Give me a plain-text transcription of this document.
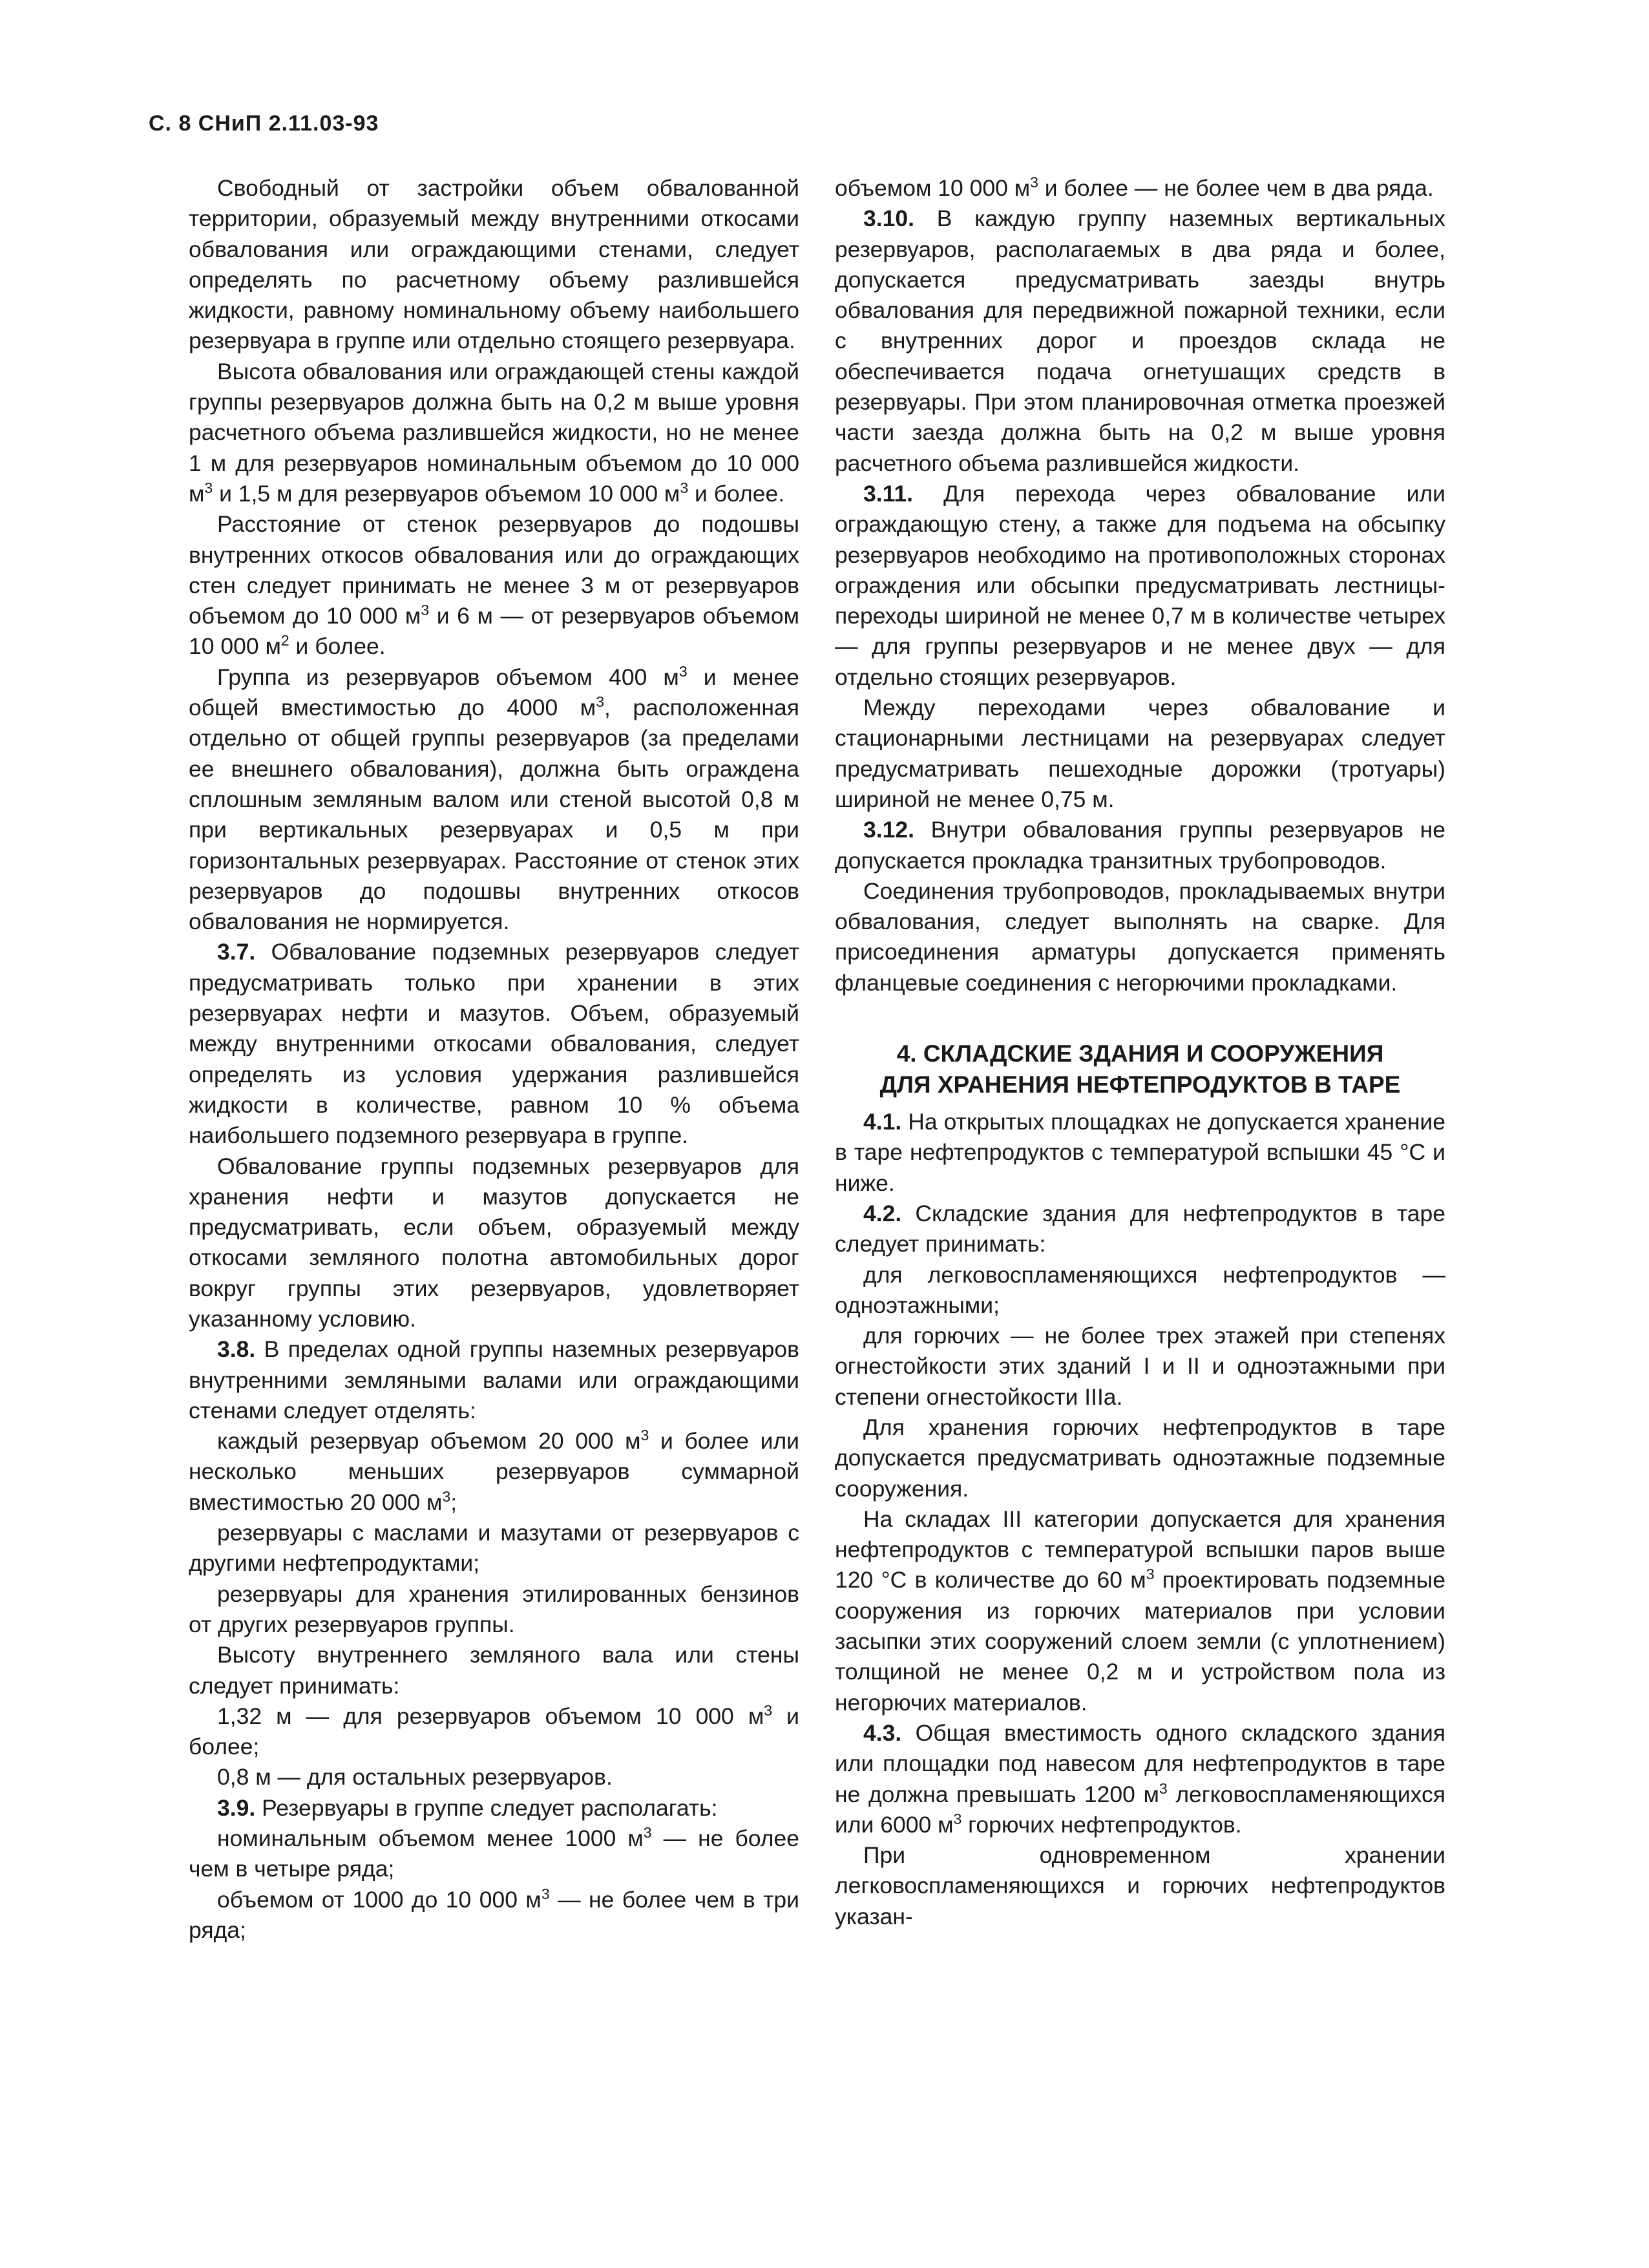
С. 8 СНиП 2.11.03-93

Свободный от застройки объем обвалованной территории, образуемый между внутренними откосами обвалования или ограждающими стенами, следует определять по расчетному объему разлившейся жидкости, равному номинальному объему наибольшего резервуара в группе или отдельно стоящего резервуара.

Высота обвалования или ограждающей стены каждой группы резервуаров должна быть на 0,2 м выше уровня расчетного объема разлившейся жидкости, но не менее 1 м для резервуаров номинальным объемом до 10 000 $м^3$ и 1,5 м для резервуаров объемом 10 000 $м^3$ и более.

Расстояние от стенок резервуаров до подошвы внутренних откосов обвалования или до ограждающих стен следует принимать не менее 3 м от резервуаров объемом до 10 000 $м^3$ и 6 м — от резервуаров объемом 10 000 $м^2$ и более.

Группа из резервуаров объемом 400 $м^3$ и менее общей вместимостью до 4000 $м^3$, расположенная отдельно от общей группы резервуаров (за пределами ее внешнего обвалования), должна быть ограждена сплошным земляным валом или стеной высотой 0,8 м при вертикальных резервуарах и 0,5 м при горизонтальных резервуарах. Расстояние от стенок этих резервуаров до подошвы внутренних откосов обвалования не нормируется.

3.7. Обвалование подземных резервуаров следует предусматривать только при хранении в этих резервуарах нефти и мазутов. Объем, образуемый между внутренними откосами обвалования, следует определять из условия удержания разлившейся жидкости в количестве, равном 10 % объема наибольшего подземного резервуара в группе.

Обвалование группы подземных резервуаров для хранения нефти и мазутов допускается не предусматривать, если объем, образуемый между откосами земляного полотна автомобильных дорог вокруг группы этих резервуаров, удовлетворяет указанному условию.

3.8. В пределах одной группы наземных резервуаров внутренними земляными валами или ограждающими стенами следует отделять:

каждый резервуар объемом 20 000 $м^3$ и более или несколько меньших резервуаров суммарной вместимостью 20 000 $м^3$;

резервуары с маслами и мазутами от резервуаров с другими нефтепродуктами;

резервуары для хранения этилированных бензинов от других резервуаров группы.

Высоту внутреннего земляного вала или стены следует принимать:

1,32 м — для резервуаров объемом 10 000 $м^3$ и более;

0,8 м — для остальных резервуаров.

3.9. Резервуары в группе следует располагать:

номинальным объемом менее 1000 $м^3$ — не более чем в четыре ряда;

объемом от 1000 до 10 000 $м^3$ — не более чем в три ряда;

объемом 10 000 $м^3$ и более — не более чем в два ряда.

3.10. В каждую группу наземных вертикальных резервуаров, располагаемых в два ряда и более, допускается предусматривать заезды внутрь обвалования для передвижной пожарной техники, если с внутренних дорог и проездов склада не обеспечивается подача огнетушащих средств в резервуары. При этом планировочная отметка проезжей части заезда должна быть на 0,2 м выше уровня расчетного объема разлившейся жидкости.

3.11. Для перехода через обвалование или ограждающую стену, а также для подъема на обсыпку резервуаров необходимо на противоположных сторонах ограждения или обсыпки предусматривать лестницы-переходы шириной не менее 0,7 м в количестве четырех — для группы резервуаров и не менее двух — для отдельно стоящих резервуаров.

Между переходами через обвалование и стационарными лестницами на резервуарах следует предусматривать пешеходные дорожки (тротуары) шириной не менее 0,75 м.

3.12. Внутри обвалования группы резервуаров не допускается прокладка транзитных трубопроводов.

Соединения трубопроводов, прокладываемых внутри обвалования, следует выполнять на сварке. Для присоединения арматуры допускается применять фланцевые соединения с негорючими прокладками.

4. СКЛАДСКИЕ ЗДАНИЯ И СООРУЖЕНИЯ
ДЛЯ ХРАНЕНИЯ НЕФТЕПРОДУКТОВ В ТАРЕ

4.1. На открытых площадках не допускается хранение в таре нефтепродуктов с температурой вспышки 45 °С и ниже.

4.2. Складские здания для нефтепродуктов в таре следует принимать:

для легковоспламеняющихся нефтепродуктов — одноэтажными;

для горючих — не более трех этажей при степенях огнестойкости этих зданий I и II и одноэтажными при степени огнестойкости IIIа.

Для хранения горючих нефтепродуктов в таре допускается предусматривать одноэтажные подземные сооружения.

На складах III категории допускается для хранения нефтепродуктов с температурой вспышки паров выше 120 °С в количестве до 60 $м^3$ проектировать подземные сооружения из горючих материалов при условии засыпки этих сооружений слоем земли (с уплотнением) толщиной не менее 0,2 м и устройством пола из негорючих материалов.

4.3. Общая вместимость одного складского здания или площадки под навесом для нефтепродуктов в таре не должна превышать 1200 $м^3$ легковоспламеняющихся или 6000 $м^3$ горючих нефтепродуктов.

При одновременном хранении легковоспламеняющихся и горючих нефтепродуктов указан-
